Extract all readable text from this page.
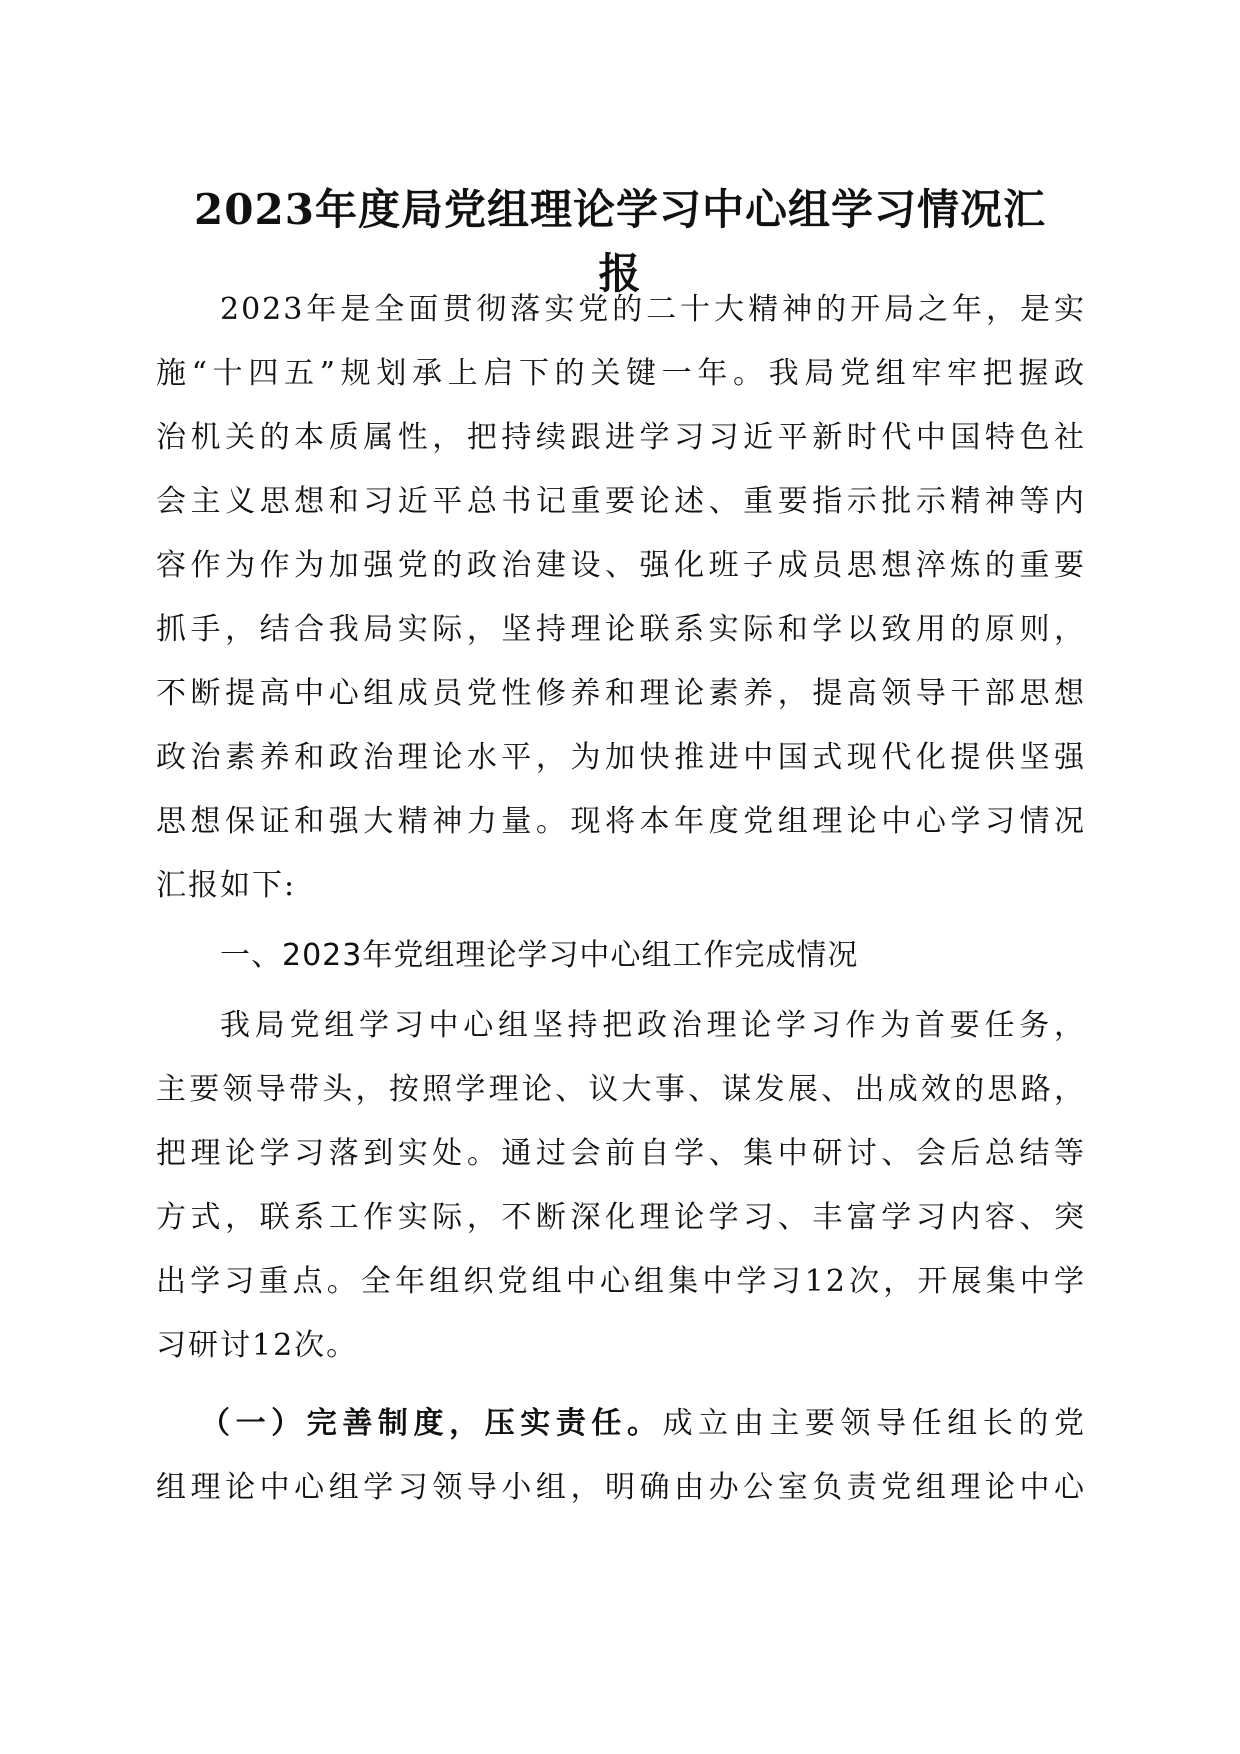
2023年度局党组理论学习中心组学习情况汇
报
2023年是全面贯彻落实党的二十大精神的开局之年，是实
施“十四五”规划承上启下的关键一年。我局党组牢牢把握政
治机关的本质属性，把持续跟进学习习近平新时代中国特色社
会主义思想和习近平总书记重要论述、重要指示批示精神等内
容作为作为加强党的政治建设、强化班子成员思想淬炼的重要
抓手，结合我局实际，坚持理论联系实际和学以致用的原则，
不断提高中心组成员党性修养和理论素养，提高领导干部思想
政治素养和政治理论水平，为加快推进中国式现代化提供坚强
思想保证和强大精神力量。现将本年度党组理论中心学习情况
汇报如下:
一、2023年党组理论学习中心组工作完成情况
我局党组学习中心组坚持把政治理论学习作为首要任务，
主要领导带头，按照学理论、议大事、谋发展、出成效的思路，
把理论学习落到实处。通过会前自学、集中研讨、会后总结等
方式，联系工作实际，不断深化理论学习、丰富学习内容、突
出学习重点。全年组织党组中心组集中学习12次，开展集中学
习研讨12次。
（一）完善制度，压实责任。成立由主要领导任组长的党
组理论中心组学习领导小组，明确由办公室负责党组理论中心
